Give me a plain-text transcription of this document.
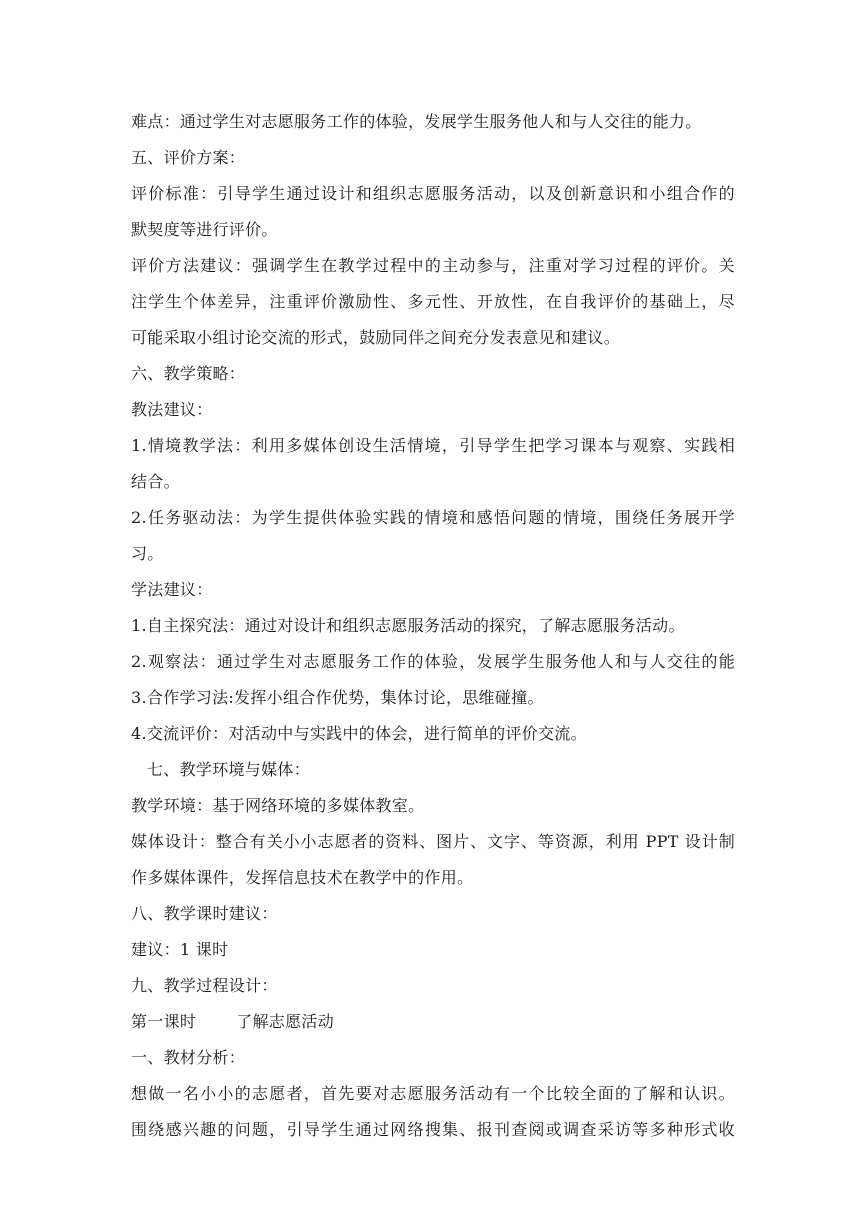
难点：通过学生对志愿服务工作的体验，发展学生服务他人和与人交往的能力。
五、评价方案：
评价标准：引导学生通过设计和组织志愿服务活动，以及创新意识和小组合作的
默契度等进行评价。
评价方法建议：强调学生在教学过程中的主动参与，注重对学习过程的评价。关
注学生个体差异，注重评价激励性、多元性、开放性，在自我评价的基础上，尽
可能采取小组讨论交流的形式，鼓励同伴之间充分发表意见和建议。
六、教学策略：
教法建议：
1.情境教学法：利用多媒体创设生活情境，引导学生把学习课本与观察、实践相
结合。
2.任务驱动法：为学生提供体验实践的情境和感悟问题的情境，围绕任务展开学
习。
学法建议：
1.自主探究法：通过对设计和组织志愿服务活动的探究，了解志愿服务活动。
2.观察法：通过学生对志愿服务工作的体验，发展学生服务他人和与人交往的能
3.合作学习法:发挥小组合作优势，集体讨论，思维碰撞。
4.交流评价：对活动中与实践中的体会，进行简单的评价交流。
七、教学环境与媒体：
教学环境：基于网络环境的多媒体教室。
媒体设计：整合有关小小志愿者的资料、图片、文字、等资源，利用 PPT 设计制
作多媒体课件，发挥信息技术在教学中的作用。
八、教学课时建议：
建议：1 课时
九、教学过程设计：
第一课时	了解志愿活动
一、教材分析：
想做一名小小的志愿者，首先要对志愿服务活动有一个比较全面的了解和认识。
围绕感兴趣的问题，引导学生通过网络搜集、报刊查阅或调查采访等多种形式收
